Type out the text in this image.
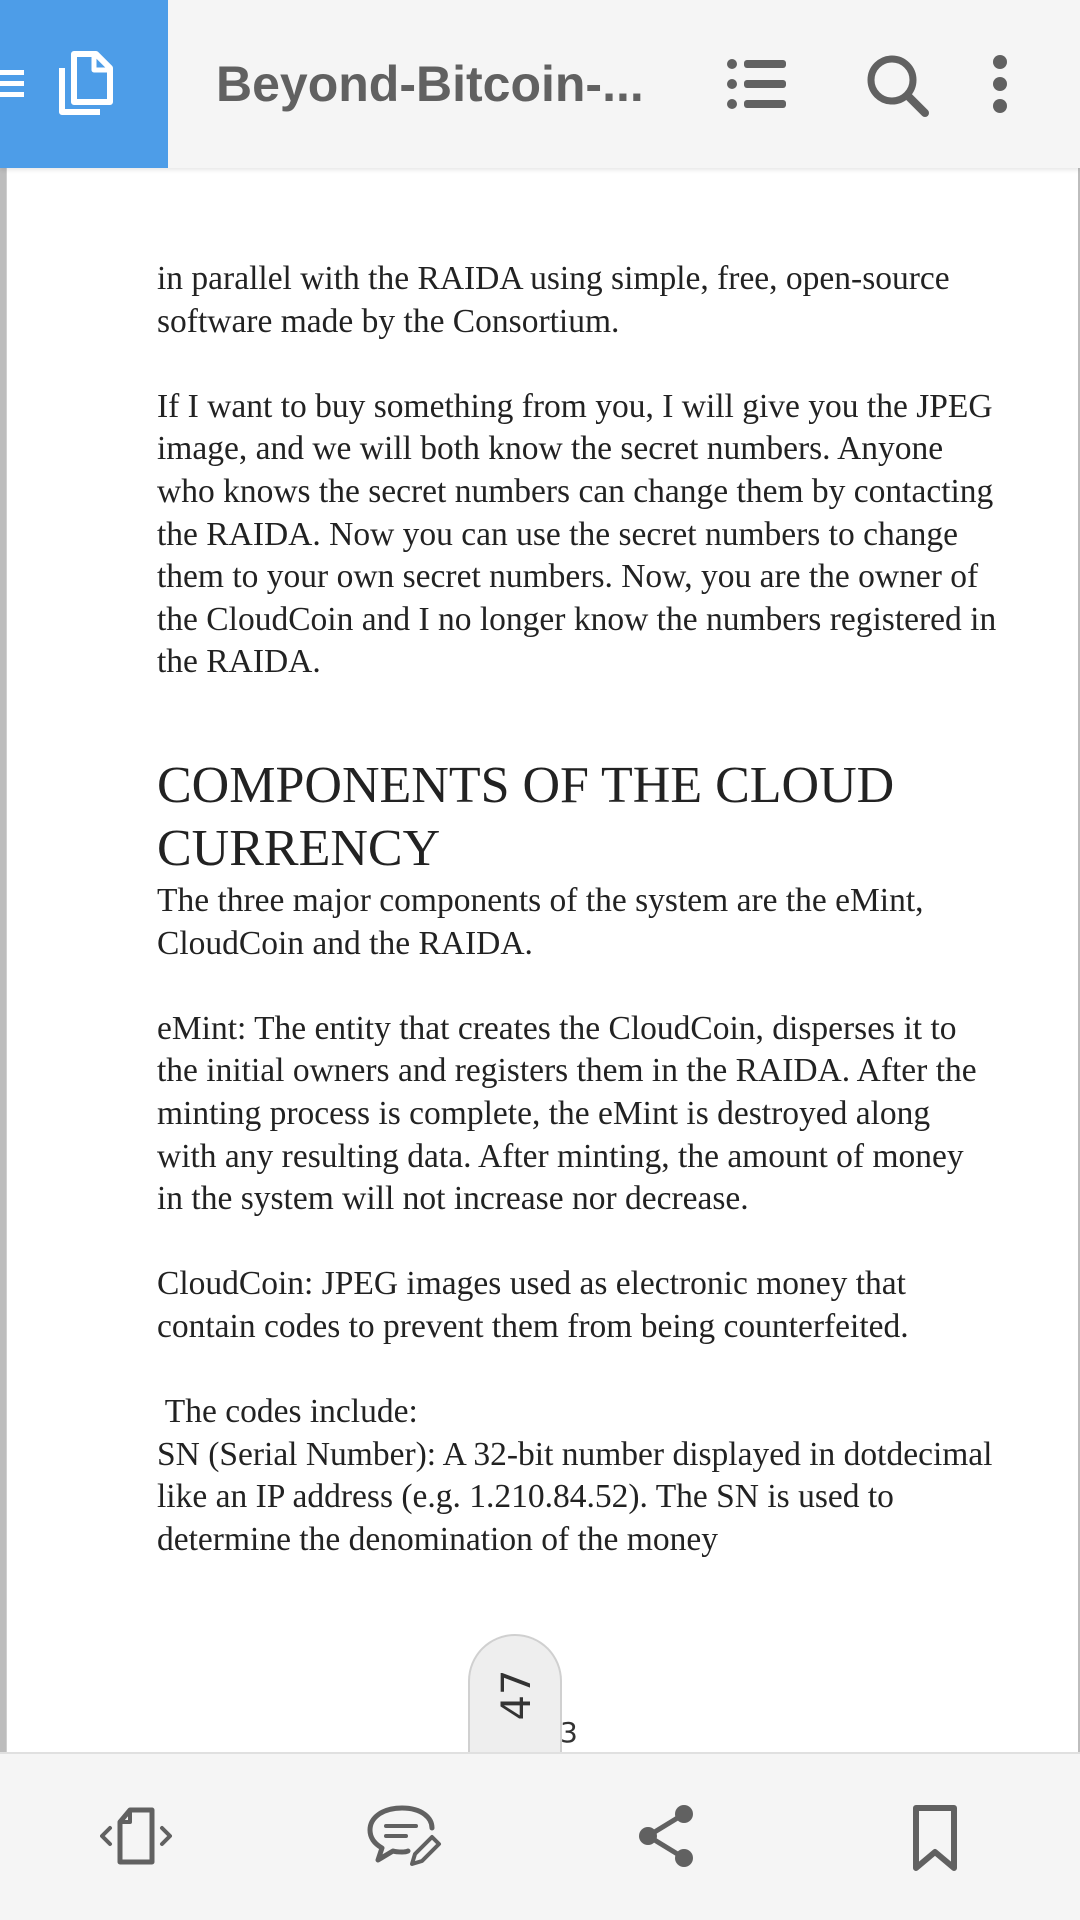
Beyond-Bitcoin-...

in parallel with the RAIDA using simple, free, open-source software made by the Consortium.

If I want to buy something from you, I will give you the JPEG image, and we will both know the secret numbers. Anyone who knows the secret numbers can change them by contacting the RAIDA. Now you can use the secret numbers to change them to your own secret numbers. Now, you are the owner of the CloudCoin and I no longer know the numbers registered in the RAIDA.

COMPONENTS OF THE CLOUD CURRENCY

The three major components of the system are the eMint, CloudCoin and the RAIDA.

eMint: The entity that creates the CloudCoin, disperses it to the initial owners and registers them in the RAIDA. After the minting process is complete, the eMint is destroyed along with any resulting data. After minting, the amount of money in the system will not increase nor decrease.

CloudCoin: JPEG images used as electronic money that contain codes to prevent them from being counterfeited.

The codes include:

SN (Serial Number): A 32-bit number displayed in dotdecimal like an IP address (e.g. 1.210.84.52). The SN is used to determine the denomination of the money

47
3
